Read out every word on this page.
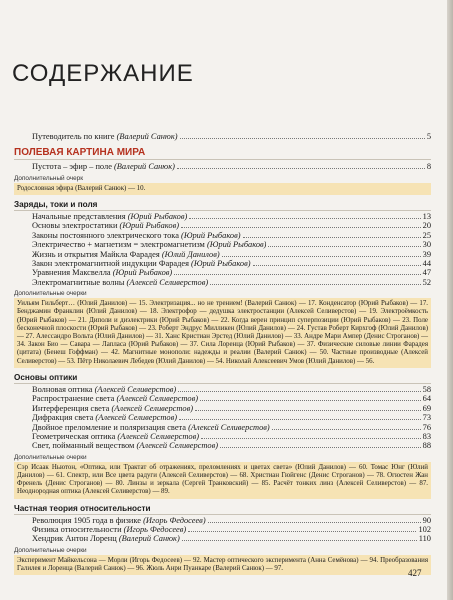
СОДЕРЖАНИЕ
Путеводитель по книге (Валерий Санюк)	5
ПОЛЕВАЯ КАРТИНА МИРА
Пустота – эфир – поле (Валерий Санюк)	8
Дополнительный очерк
Родословная эфира (Валерий Санюк) — 10.
Заряды, токи и поля
Начальные представления (Юрий Рыбаков)	13
Основы электростатики (Юрий Рыбаков)	20
Законы постоянного электрического тока (Юрий Рыбаков)	25
Электричество + магнетизм = электромагнетизм (Юрий Рыбаков)	30
Жизнь и открытия Майкла Фарадея (Юлий Данилов)	39
Закон электромагнитной индукции Фарадея (Юрий Рыбаков)	44
Уравнения Максвелла (Юрий Рыбаков)	47
Электромагнитные волны (Алексей Селиверстов)	52
Дополнительные очерки
Уильям Гильберт… (Юлий Данилов) — 15. Электризация... но не трением! (Валерий Санюк) — 17. Конденсатор (Юрий Рыбаков) — 17. Бенджамин Франклин (Юлий Данилов) — 18. Электрофор — дедушка электростанции (Алексей Селиверстов) — 19. Электроёмкость (Юрий Рыбаков) — 21. Диполи и диэлектрики (Юрий Рыбаков) — 22. Когда верен принцип суперпозиции (Юрий Рыбаков) — 23. Поле бесконечной плоскости (Юрий Рыбаков) — 23. Роберт Эндрус Милликен (Юлий Данилов) — 24. Густав Роберт Кирхгоф (Юлий Данилов) — 27. Алессандро Вольта (Юлий Данилов) — 31. Ханс Кристиан Эрстед (Юлий Данилов) — 33. Андре Мари Ампер (Денис Строганов) — 34. Закон Био — Савара — Лапласа (Юрий Рыбаков) — 37. Сила Лоренца (Юрий Рыбаков) — 37. Физические силовые линии Фарадея (цитата) (Бенеш Гоффман) — 42. Магнитные монополи: надежды и реалии (Валерий Санюк) — 50. Частные производные (Алексей Селиверстов) — 53. Пётр Николаевич Лебедев (Юлий Данилов) — 54. Николай Алексеевич Умов (Юлий Данилов) — 56.
Основы оптики
Волновая оптика (Алексей Селиверстов)	58
Распространение света (Алексей Селиверстов)	64
Интерференция света (Алексей Селиверстов)	69
Дифракция света (Алексей Селиверстов)	73
Двойное преломление и поляризация света (Алексей Селиверстов)	76
Геометрическая оптика (Алексей Селиверстов)	83
Свет, поймaнный веществом (Алексей Селиверстов)	88
Дополнительные очерки
Сэр Исаак Ньютон, «Оптика, или Трактат об отражениях, преломлениях и цветах света» (Юлий Данилов) — 60. Томас Юнг (Юлий Данилов) — 61. Спектр, или Все цвета радуги (Алексей Селиверстов) — 68. Христиан Гюйгенс (Денис Строганов) — 78. Огюстен Жан Френель (Денис Строганов) — 80. Линзы и зеркала (Сергей Транковский) — 85. Расчёт тонких линз (Алексей Селиверстов) — 87. Неоднородная оптика (Алексей Селиверстов) — 89.
Частная теория относительности
Революция 1905 года в физике (Игорь Федосеев)	90
Физика относительности (Игорь Федосеев)	102
Хендрик Антон Лоренц (Валерий Санюк)	110
Дополнительные очерки
Эксперимент Майкельсона — Морли (Игорь Федосеев) — 92. Мастер оптического эксперимента (Анна Семёнова) — 94. Преобразования Галилея и Лоренца (Валерий Санюк) — 96. Жюль Анри Пуанкаре (Валерий Санюк) — 97.	427
